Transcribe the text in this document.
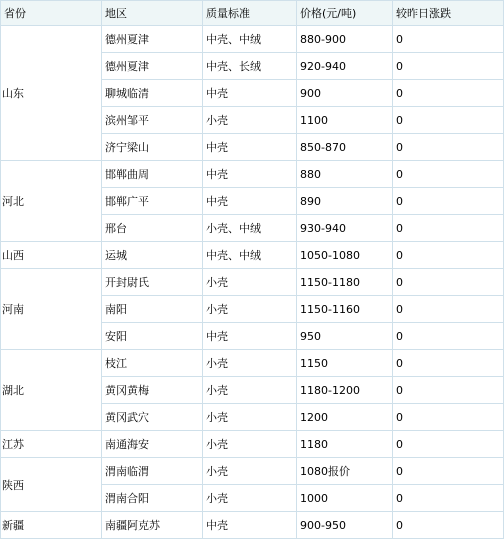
省份	地区	质量标准	价格(元/吨)	较昨日涨跌
山东	德州夏津	中壳、中绒	880-900	0
	德州夏津	中壳、长绒	920-940	0
	聊城临清	中壳	900	0
	滨州邹平	小壳	1100	0
	济宁梁山	中壳	850-870	0
河北	邯郸曲周	中壳	880	0
	邯郸广平	中壳	890	0
	邢台	小壳、中绒	930-940	0
山西	运城	中壳、中绒	1050-1080	0
河南	开封尉氏	小壳	1150-1180	0
	南阳	小壳	1150-1160	0
	安阳	中壳	950	0
湖北	枝江	小壳	1150	0
	黄冈黄梅	小壳	1180-1200	0
	黄冈武穴	小壳	1200	0
江苏	南通海安	小壳	1180	0
陕西	渭南临渭	小壳	1080报价	0
	渭南合阳	小壳	1000	0
新疆	南疆阿克苏	中壳	900-950	0
